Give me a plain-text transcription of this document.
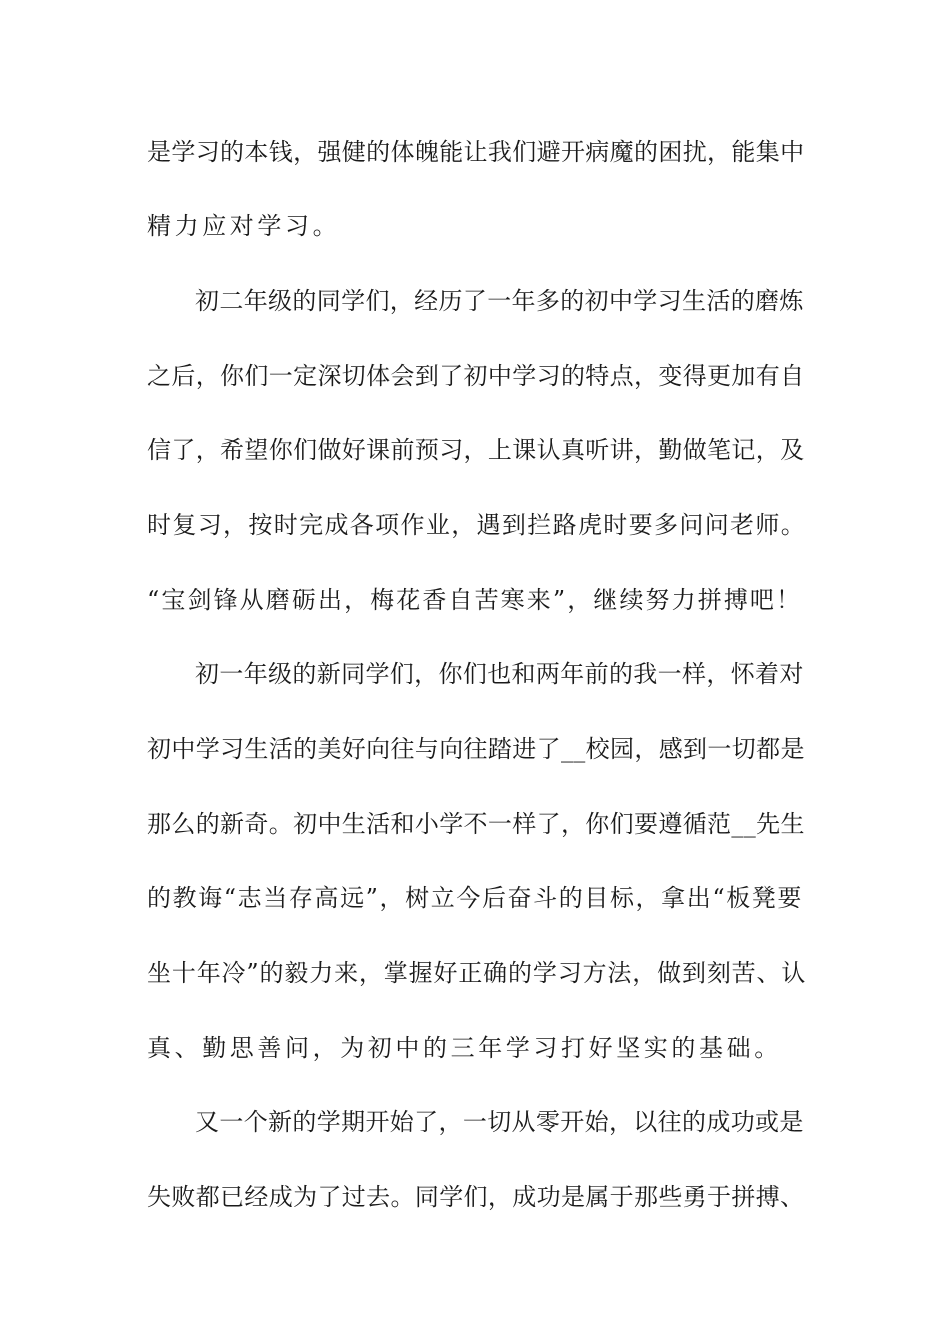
是学习的本钱，强健的体魄能让我们避开病魔的困扰，能集中
精力应对学习。
初二年级的同学们，经历了一年多的初中学习生活的磨炼
之后，你们一定深切体会到了初中学习的特点，变得更加有自
信了，希望你们做好课前预习，上课认真听讲，勤做笔记，及
时复习，按时完成各项作业，遇到拦路虎时要多问问老师。
“宝剑锋从磨砺出，梅花香自苦寒来”，继续努力拼搏吧！
初一年级的新同学们，你们也和两年前的我一样，怀着对
初中学习生活的美好向往与向往踏进了__校园，感到一切都是
那么的新奇。初中生活和小学不一样了，你们要遵循范__先生
的教诲“志当存高远”，树立今后奋斗的目标，拿出“板凳要
坐十年冷”的毅力来，掌握好正确的学习方法，做到刻苦、认
真、勤思善问，为初中的三年学习打好坚实的基础。
又一个新的学期开始了，一切从零开始，以往的成功或是
失败都已经成为了过去。同学们，成功是属于那些勇于拼搏、
